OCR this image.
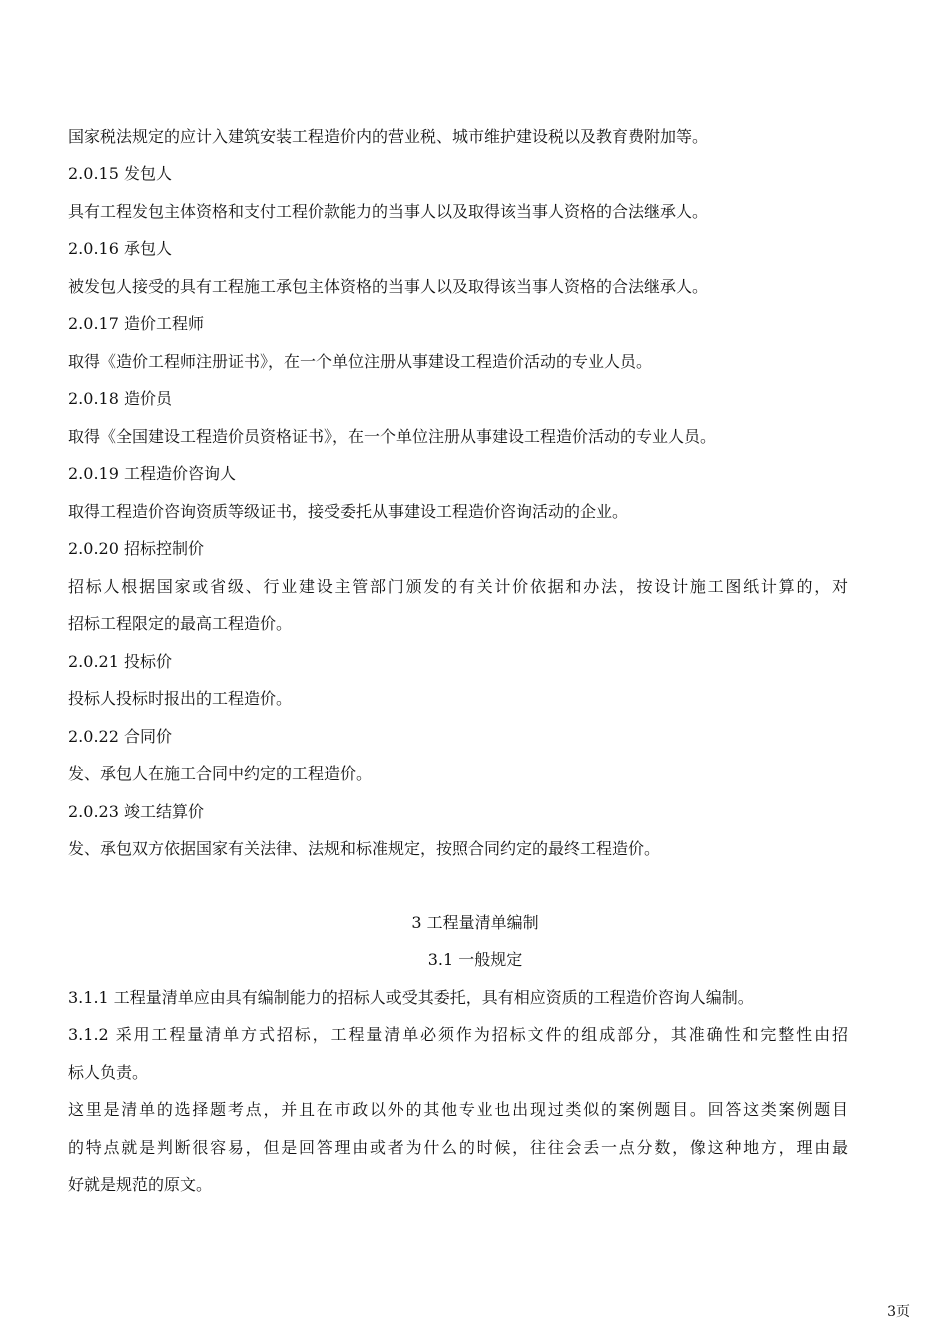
国家税法规定的应计入建筑安装工程造价内的营业税、城市维护建设税以及教育费附加等。
2.0.15 发包人
具有工程发包主体资格和支付工程价款能力的当事人以及取得该当事人资格的合法继承人。
2.0.16 承包人
被发包人接受的具有工程施工承包主体资格的当事人以及取得该当事人资格的合法继承人。
2.0.17 造价工程师
取得《造价工程师注册证书》，在一个单位注册从事建设工程造价活动的专业人员。
2.0.18 造价员
取得《全国建设工程造价员资格证书》，在一个单位注册从事建设工程造价活动的专业人员。
2.0.19 工程造价咨询人
取得工程造价咨询资质等级证书，接受委托从事建设工程造价咨询活动的企业。
2.0.20 招标控制价
招标人根据国家或省级、行业建设主管部门颁发的有关计价依据和办法，按设计施工图纸计算的，对
招标工程限定的最高工程造价。
2.0.21 投标价
投标人投标时报出的工程造价。
2.0.22 合同价
发、承包人在施工合同中约定的工程造价。
2.0.23 竣工结算价
发、承包双方依据国家有关法律、法规和标准规定，按照合同约定的最终工程造价。
3 工程量清单编制
3.1 一般规定
3.1.1 工程量清单应由具有编制能力的招标人或受其委托，具有相应资质的工程造价咨询人编制。
3.1.2 采用工程量清单方式招标，工程量清单必须作为招标文件的组成部分，其准确性和完整性由招
标人负责。
这里是清单的选择题考点，并且在市政以外的其他专业也出现过类似的案例题目。回答这类案例题目
的特点就是判断很容易，但是回答理由或者为什么的时候，往往会丢一点分数，像这种地方，理由最
好就是规范的原文。
3页
